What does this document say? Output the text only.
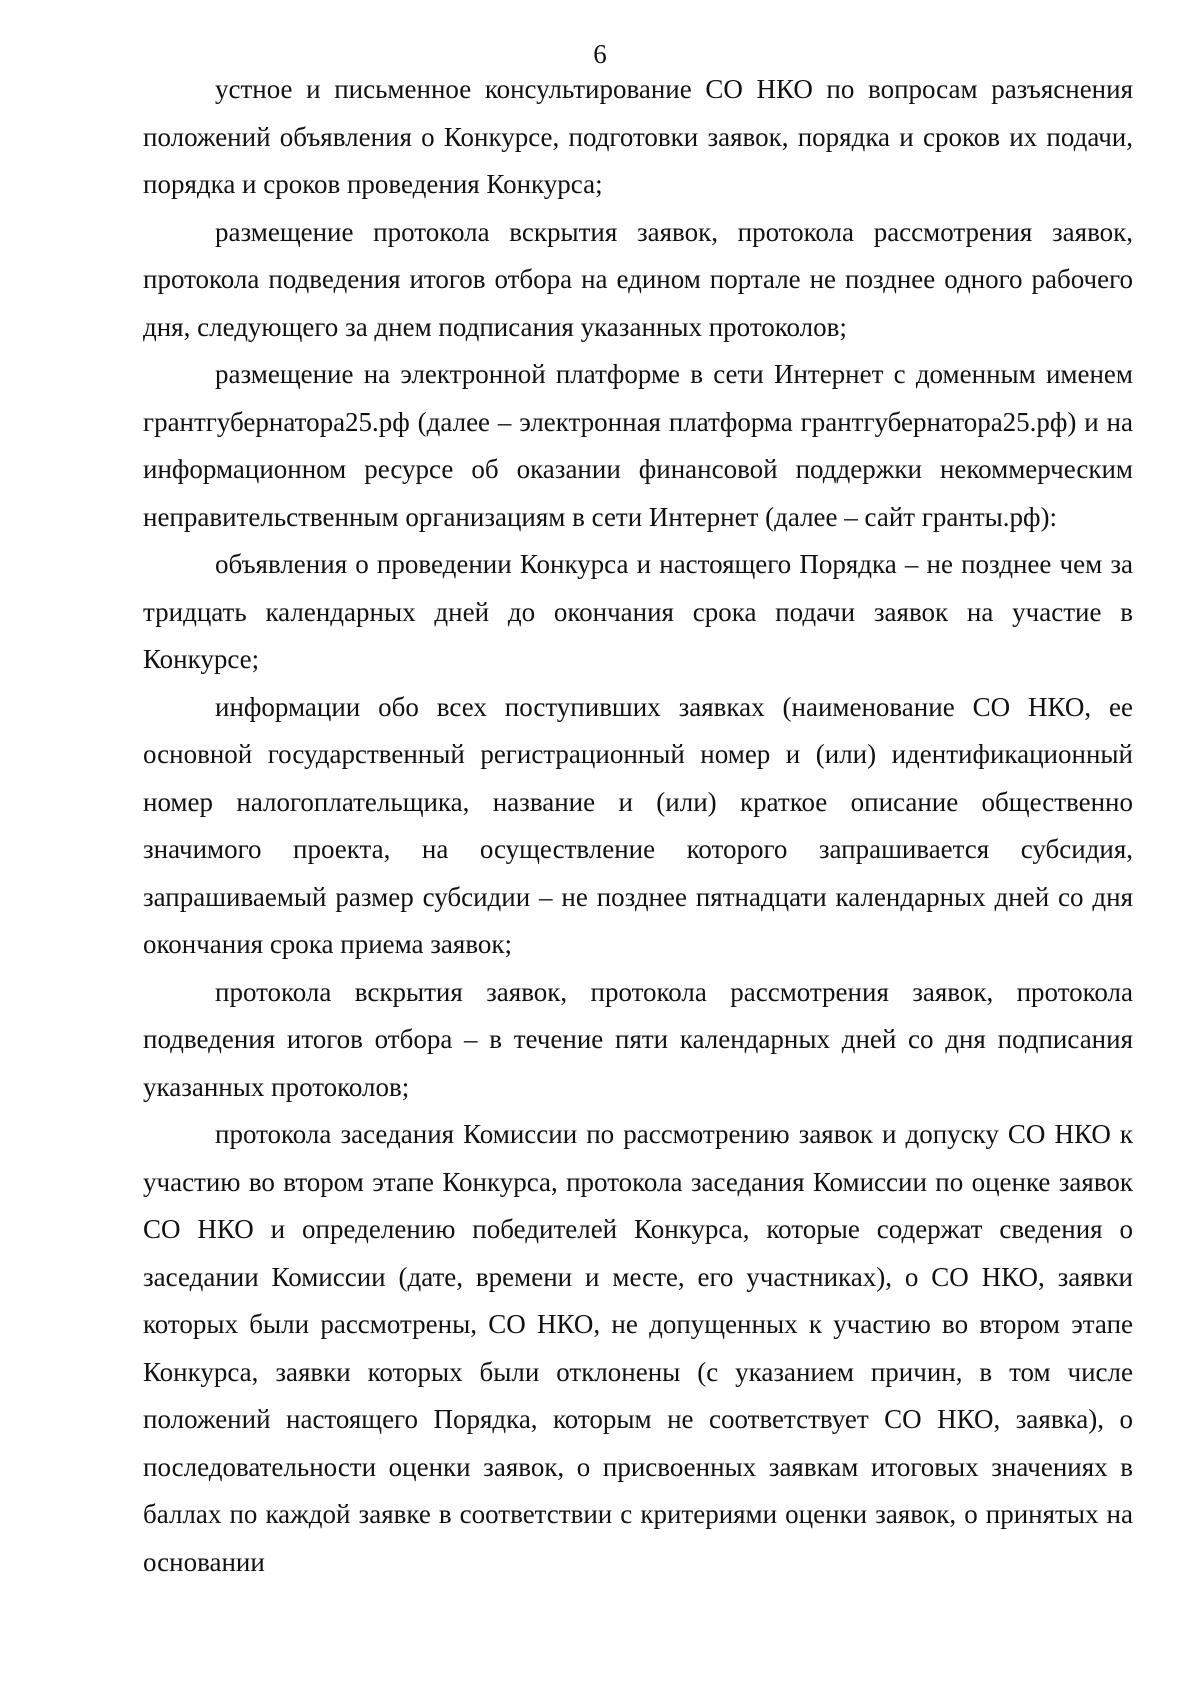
6

устное и письменное консультирование СО НКО по вопросам разъяснения положений объявления о Конкурсе, подготовки заявок, порядка и сроков их подачи, порядка и сроков проведения Конкурса;

размещение протокола вскрытия заявок, протокола рассмотрения заявок, протокола подведения итогов отбора на едином портале не позднее одного рабочего дня, следующего за днем подписания указанных протоколов;

размещение на электронной платформе в сети Интернет с доменным именем грантгубернатора25.рф (далее – электронная платформа грантгубернатора25.рф) и на информационном ресурсе об оказании финансовой поддержки некоммерческим неправительственным организациям в сети Интернет (далее – сайт гранты.рф):

объявления о проведении Конкурса и настоящего Порядка – не позднее чем за тридцать календарных дней до окончания срока подачи заявок на участие в Конкурсе;

информации обо всех поступивших заявках (наименование СО НКО, ее основной государственный регистрационный номер и (или) идентификационный номер налогоплательщика, название и (или) краткое описание общественно значимого проекта, на осуществление которого запрашивается субсидия, запрашиваемый размер субсидии – не позднее пятнадцати календарных дней со дня окончания срока приема заявок;

протокола вскрытия заявок, протокола рассмотрения заявок, протокола подведения итогов отбора – в течение пяти календарных дней со дня подписания указанных протоколов;

протокола заседания Комиссии по рассмотрению заявок и допуску СО НКО к участию во втором этапе Конкурса, протокола заседания Комиссии по оценке заявок СО НКО и определению победителей Конкурса, которые содержат сведения о заседании Комиссии (дате, времени и месте, его участниках), о СО НКО, заявки которых были рассмотрены, СО НКО, не допущенных к участию во втором этапе Конкурса, заявки которых были отклонены (с указанием причин, в том числе положений настоящего Порядка, которым не соответствует СО НКО, заявка), о последовательности оценки заявок, о присвоенных заявкам итоговых значениях в баллах по каждой заявке в соответствии с критериями оценки заявок, о принятых на основании
